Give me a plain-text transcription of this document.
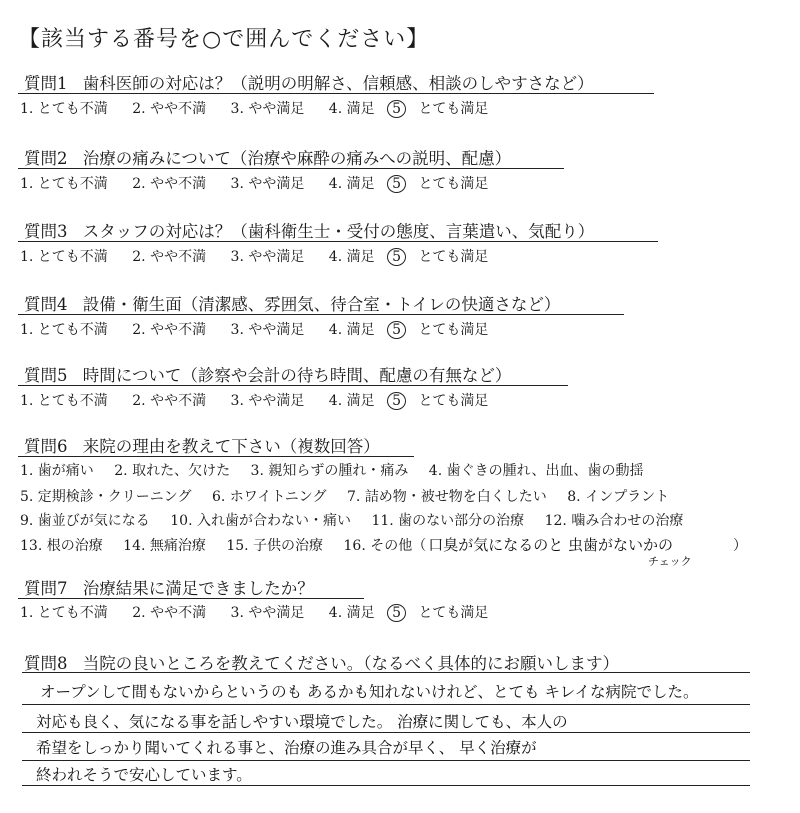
【該当する番号を○で囲んでください】
質問1 歯科医師の対応は？（説明の明解さ、信頼感、相談のしやすさなど）
1. とても不満 2. やや不満 3. やや満足 4. 満足 5 とても満足
質問2 治療の痛みについて（治療や麻酔の痛みへの説明、配慮）
1. とても不満 2. やや不満 3. やや満足 4. 満足 5 とても満足
質問3 スタッフの対応は？（歯科衛生士・受付の態度、言葉遣い、気配り）
1. とても不満 2. やや不満 3. やや満足 4. 満足 5 とても満足
質問4 設備・衛生面（清潔感、雰囲気、待合室・トイレの快適さなど）
1. とても不満 2. やや不満 3. やや満足 4. 満足 5 とても満足
質問5 時間について（診察や会計の待ち時間、配慮の有無など）
1. とても不満 2. やや不満 3. やや満足 4. 満足 5 とても満足
質問6 来院の理由を教えて下さい（複数回答）
1. 歯が痛い 2. 取れた、欠けた 3. 親知らずの腫れ・痛み 4. 歯ぐきの腫れ、出血、歯の動揺
5. 定期検診・クリーニング 6. ホワイトニング 7. 詰め物・被せ物を白くしたい 8. インプラント
9. 歯並びが気になる 10. 入れ歯が合わない・痛い 11. 歯のない部分の治療 12. 噛み合わせの治療
13. 根の治療 14. 無痛治療 15. 子供の治療 16. その他（ 口臭が気になるのと 虫歯がないかの	）
チェック
質問7 治療結果に満足できましたか？
1. とても不満 2. やや不満 3. やや満足 4. 満足 5 とても満足
質問8 当院の良いところを教えてください。（なるべく具体的にお願いします）
オープンして間もないからというのも あるかも知れないけれど、とても キレイな病院でした。
対応も良く、気になる事を話しやすい環境でした。 治療に関しても、本人の
希望をしっかり聞いてくれる事と、治療の進み具合が早く、 早く治療が
終われそうで安心しています。
